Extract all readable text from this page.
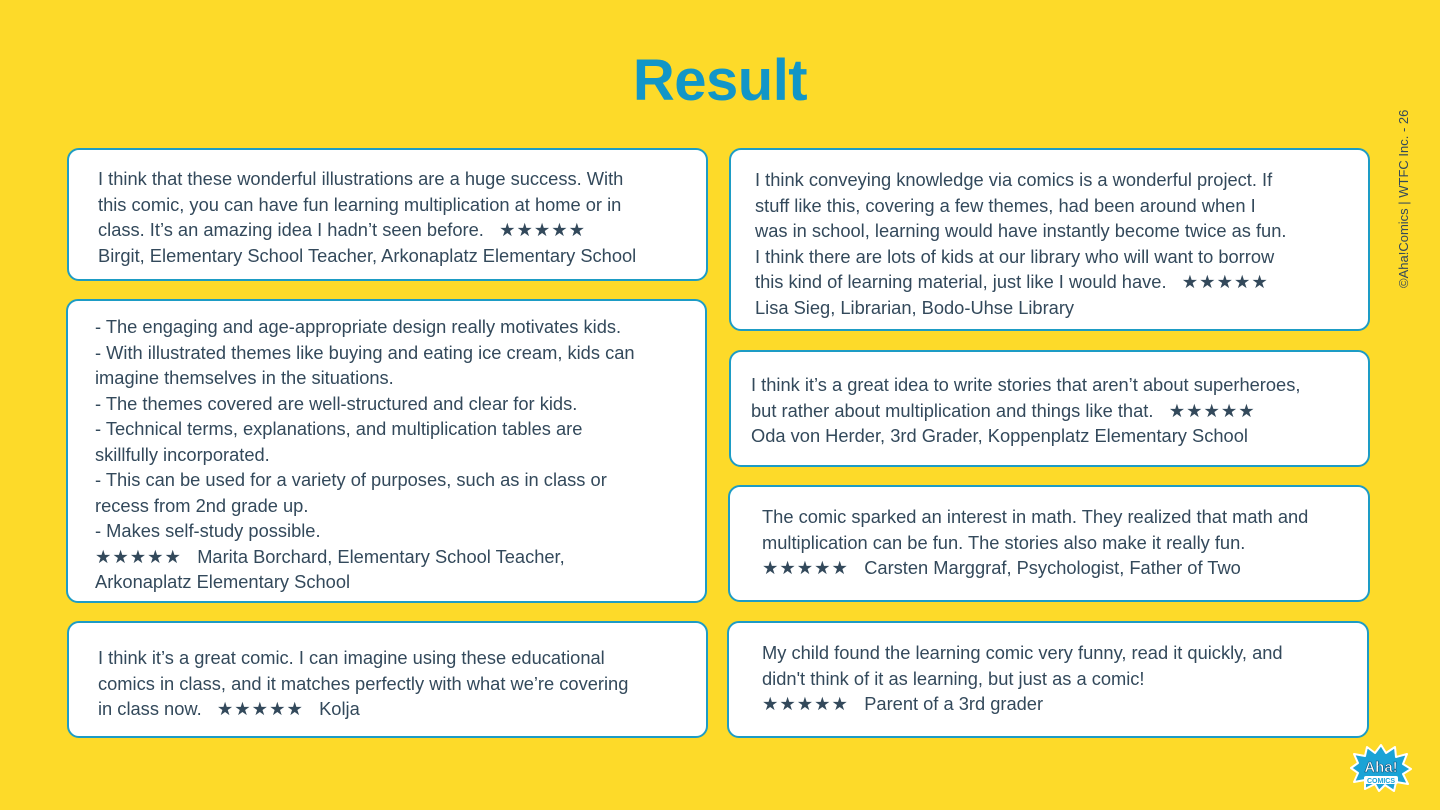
Result
©Aha!Comics | WTFC Inc. - 26
I think that these wonderful illustrations are a huge success. With
this comic, you can have fun learning multiplication at home or in
class. It’s an amazing idea I hadn’t seen before. ★★★★★
Birgit, Elementary School Teacher, Arkonaplatz Elementary School
- The engaging and age-appropriate design really motivates kids.
- With illustrated themes like buying and eating ice cream, kids can
imagine themselves in the situations.
- The themes covered are well-structured and clear for kids.
- Technical terms, explanations, and multiplication tables are
skillfully incorporated.
- This can be used for a variety of purposes, such as in class or
recess from 2nd grade up.
- Makes self-study possible.
★★★★★ Marita Borchard, Elementary School Teacher,
Arkonaplatz Elementary School
I think it’s a great comic. I can imagine using these educational
comics in class, and it matches perfectly with what we’re covering
in class now. ★★★★★ Kolja
I think conveying knowledge via comics is a wonderful project. If
stuff like this, covering a few themes, had been around when I
was in school, learning would have instantly become twice as fun.
I think there are lots of kids at our library who will want to borrow
this kind of learning material, just like I would have. ★★★★★
Lisa Sieg, Librarian, Bodo-Uhse Library
I think it’s a great idea to write stories that aren’t about superheroes,
but rather about multiplication and things like that. ★★★★★
Oda von Herder, 3rd Grader, Koppenplatz Elementary School
The comic sparked an interest in math. They realized that math and
multiplication can be fun. The stories also make it really fun.
★★★★★ Carsten Marggraf, Psychologist, Father of Two
My child found the learning comic very funny, read it quickly, and
didn't think of it as learning, but just as a comic!
★★★★★ Parent of a 3rd grader
Aha!
COMICS
